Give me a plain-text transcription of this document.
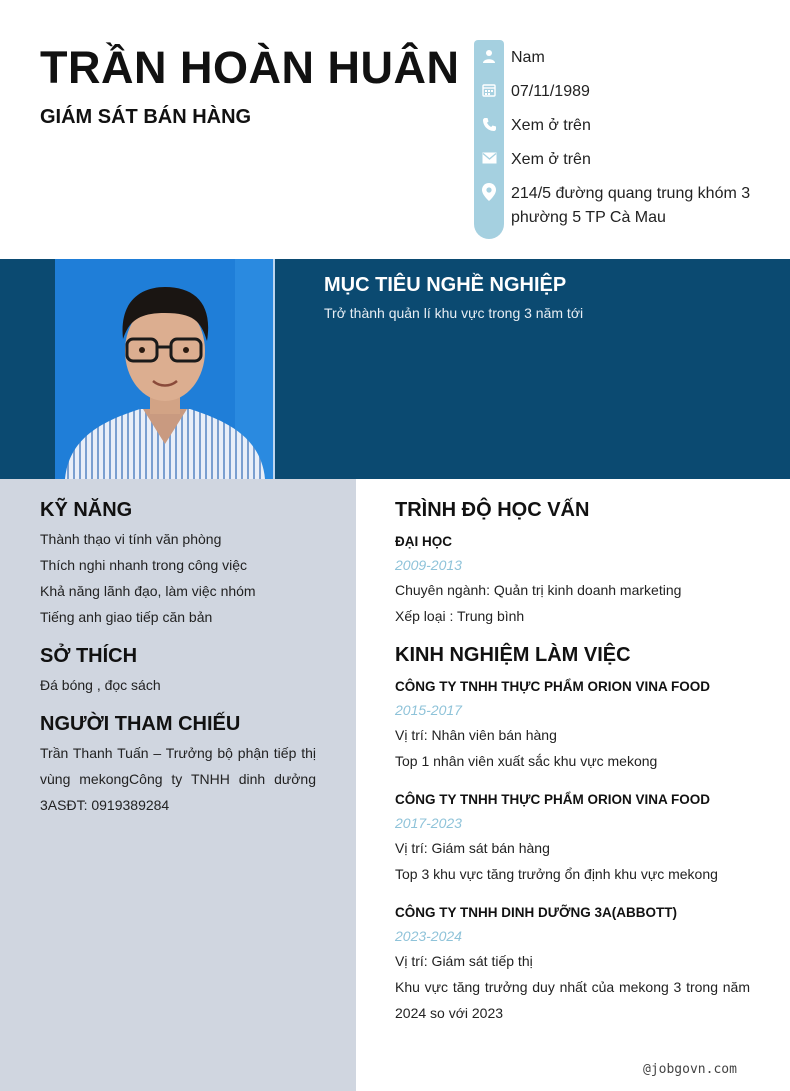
TRẦN HOÀN HUÂN
GIÁM SÁT BÁN HÀNG
Nam
07/11/1989
Xem ở trên
Xem ở trên
214/5 đường quang trung khóm 3 phường 5 TP Cà Mau
MỤC TIÊU NGHỀ NGHIỆP
Trở thành quản lí khu vực trong 3 năm tới
KỸ NĂNG
Thành thạo vi tính văn phòng
Thích nghi nhanh trong công việc
Khả năng lãnh đạo, làm việc nhóm
Tiếng anh giao tiếp căn bản
SỞ THÍCH
Đá bóng , đọc sách
NGƯỜI THAM CHIẾU
Trần Thanh Tuấn – Trưởng bộ phận tiếp thị vùng mekongCông ty TNHH dinh dưởng 3ASĐT: 0919389284
TRÌNH ĐỘ HỌC VẤN
ĐẠI HỌC
2009-2013
Chuyên ngành: Quản trị kinh doanh marketing
Xếp loại : Trung bình
KINH NGHIỆM LÀM VIỆC
CÔNG TY TNHH THỰC PHẨM ORION VINA FOOD
2015-2017
Vị trí: Nhân viên bán hàng
Top 1 nhân viên xuất sắc khu vực mekong
CÔNG TY TNHH THỰC PHẨM ORION VINA FOOD
2017-2023
Vị trí: Giám sát bán hàng
Top 3 khu vực tăng trưởng ổn định khu vực mekong
CÔNG TY TNHH DINH DƯỠNG 3A(ABBOTT)
2023-2024
Vị trí: Giám sát tiếp thị
Khu vực tăng trưởng duy nhất của mekong 3 trong năm 2024 so với 2023
@jobgovn.com
